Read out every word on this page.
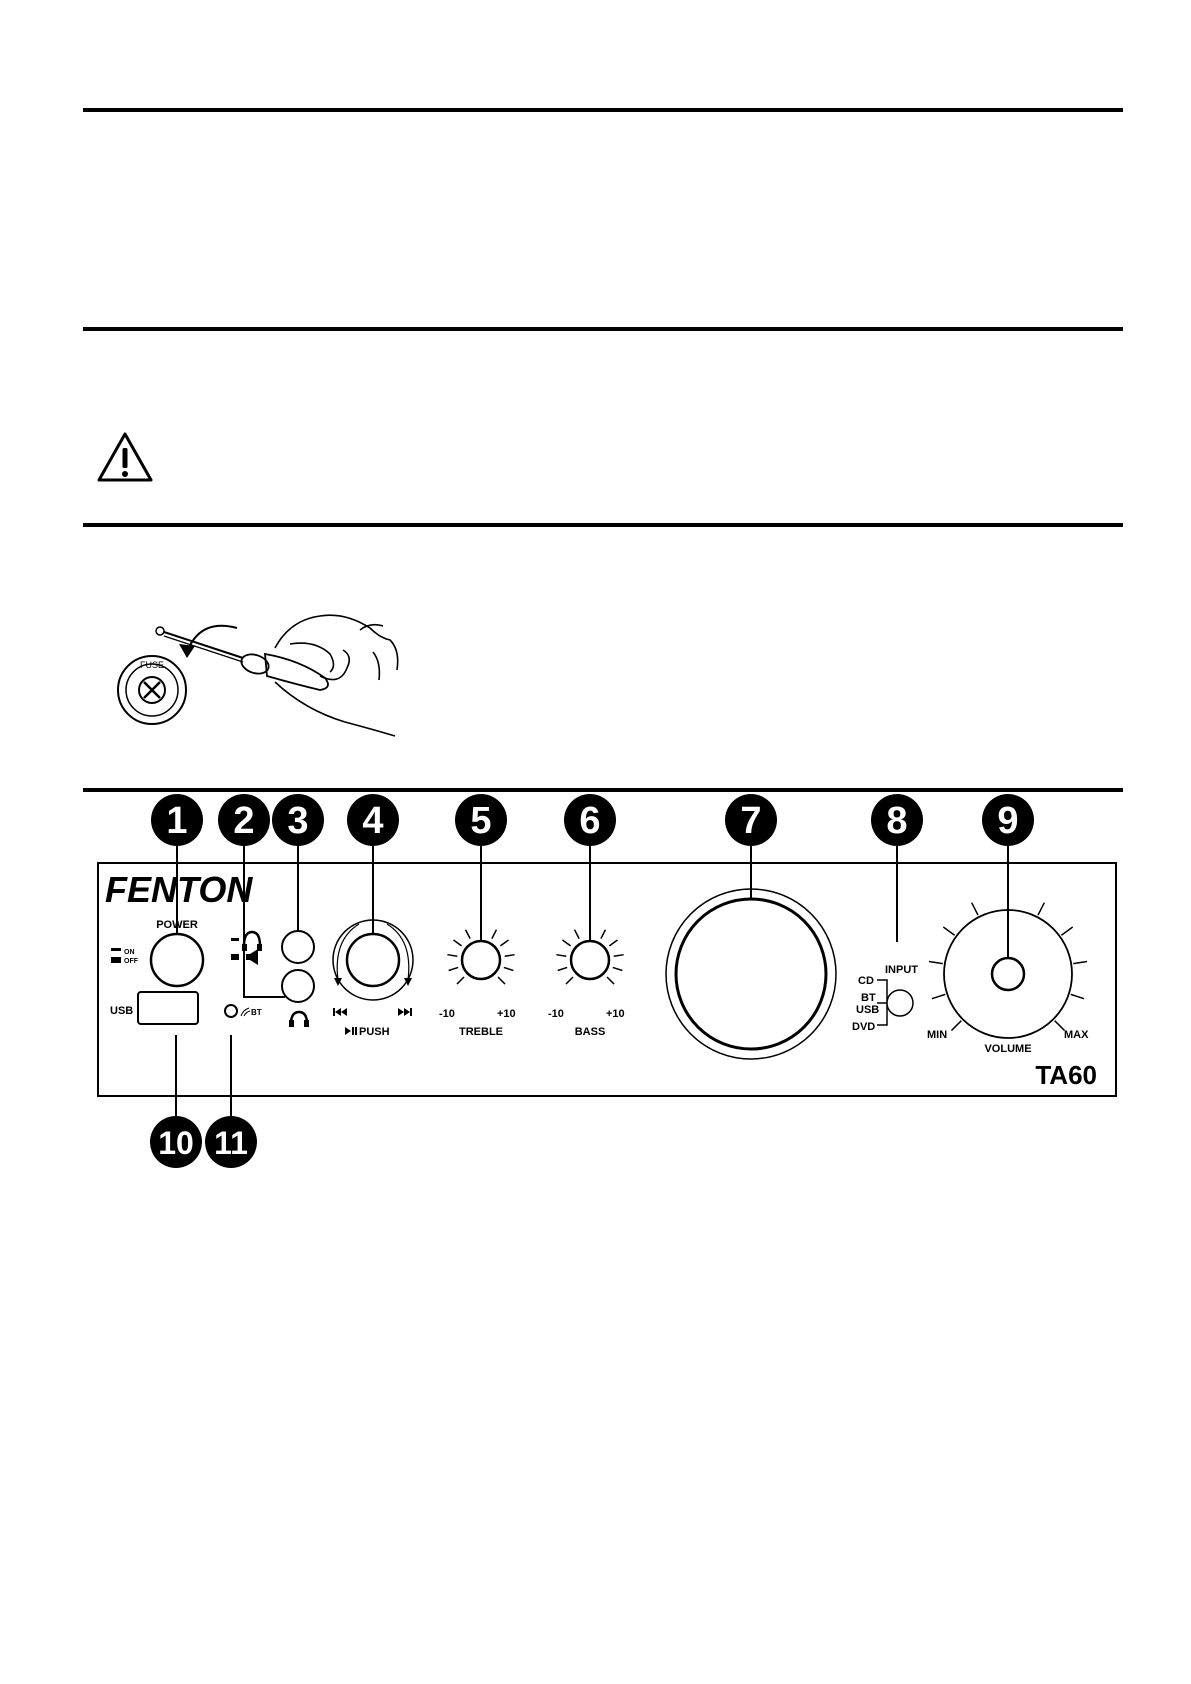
FUSE
1 2 3 4 5 6	7	8 9
10 11
FENTON
POWER
ON
OFF
PUSH
-10	+10
TREBLE
-10	+10
BASS
INPUT
CD
BT
USB
DVD
MIN	MAX
VOLUME
USB	BT
TA60
